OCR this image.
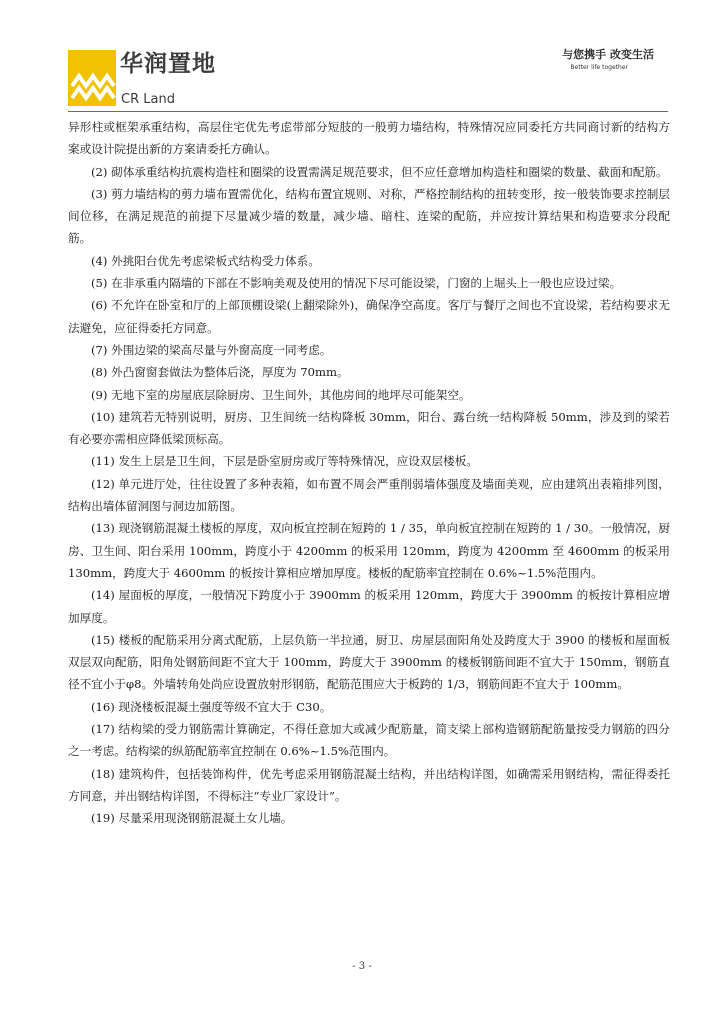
华润置地
CR Land
与您携手 改变生活
Better life together

异形柱或框架承重结构，高层住宅优先考虑带部分短肢的一般剪力墙结构，特殊情况应同委托方共同商讨新的结构方案或设计院提出新的方案请委托方确认。

(2) 砌体承重结构抗震构造柱和圈梁的设置需满足规范要求，但不应任意增加构造柱和圈梁的数量、截面和配筋。

(3) 剪力墙结构的剪力墙布置需优化，结构布置宜规则、对称，严格控制结构的扭转变形，按一般装饰要求控制层间位移，在满足规范的前提下尽量减少墙的数量，减少墙、暗柱、连梁的配筋，并应按计算结果和构造要求分段配筋。

(4) 外挑阳台优先考虑梁板式结构受力体系。

(5) 在非承重内隔墙的下部在不影响美观及使用的情况下尽可能设梁，门窗的上堀头上一般也应设过梁。

(6) 不允许在卧室和厅的上部顶棚设梁(上翻梁除外)，确保净空高度。客厅与餐厅之间也不宜设梁，若结构要求无法避免，应征得委托方同意。

(7) 外围边梁的梁高尽量与外窗高度一同考虑。

(8) 外凸窗窗套做法为整体后浇，厚度为 70mm。

(9) 无地下室的房屋底层除厨房、卫生间外，其他房间的地坪尽可能架空。

(10) 建筑若无特别说明，厨房、卫生间统一结构降板 30mm，阳台、露台统一结构降板 50mm，涉及到的梁若有必要亦需相应降低梁顶标高。

(11) 发生上层是卫生间，下层是卧室厨房或厅等特殊情况，应设双层楼板。

(12) 单元进厅处，往往设置了多种表箱，如布置不周会严重削弱墙体强度及墙面美观，应由建筑出表箱排列图，结构出墙体留洞图与洞边加筋图。

(13) 现浇钢筋混凝土楼板的厚度，双向板宜控制在短跨的 1 / 35，单向板宜控制在短跨的 1 / 30。一般情况，厨房、卫生间、阳台采用 100mm，跨度小于 4200mm 的板采用 120mm，跨度为 4200mm 至 4600mm 的板采用 130mm，跨度大于 4600mm 的板按计算相应增加厚度。楼板的配筋率宜控制在 0.6%~1.5%范围内。

(14) 屋面板的厚度，一般情况下跨度小于 3900mm 的板采用 120mm，跨度大于 3900mm 的板按计算相应增加厚度。

(15) 楼板的配筋采用分离式配筋，上层负筋一半拉通，厨卫、房屋层面阳角处及跨度大于 3900 的楼板和屋面板双层双向配筋，阳角处钢筋间距不宜大于 100mm，跨度大于 3900mm 的楼板钢筋间距不宜大于 150mm，钢筋直径不宜小于φ8。外墙转角处尚应设置放射形钢筋，配筋范围应大于板跨的 1/3，钢筋间距不宜大于 100mm。

(16) 现浇楼板混凝土强度等级不宜大于 C30。

(17) 结构梁的受力钢筋需计算确定，不得任意加大或减少配筋量，简支梁上部构造钢筋配筋量按受力钢筋的四分之一考虑。结构梁的纵筋配筋率宜控制在 0.6%~1.5%范围内。

(18) 建筑构件，包括装饰构件，优先考虑采用钢筋混凝土结构，并出结构详图，如确需采用钢结构，需征得委托方同意，并出钢结构详图，不得标注“专业厂家设计”。

(19) 尽量采用现浇钢筋混凝土女儿墙。

- 3 -
